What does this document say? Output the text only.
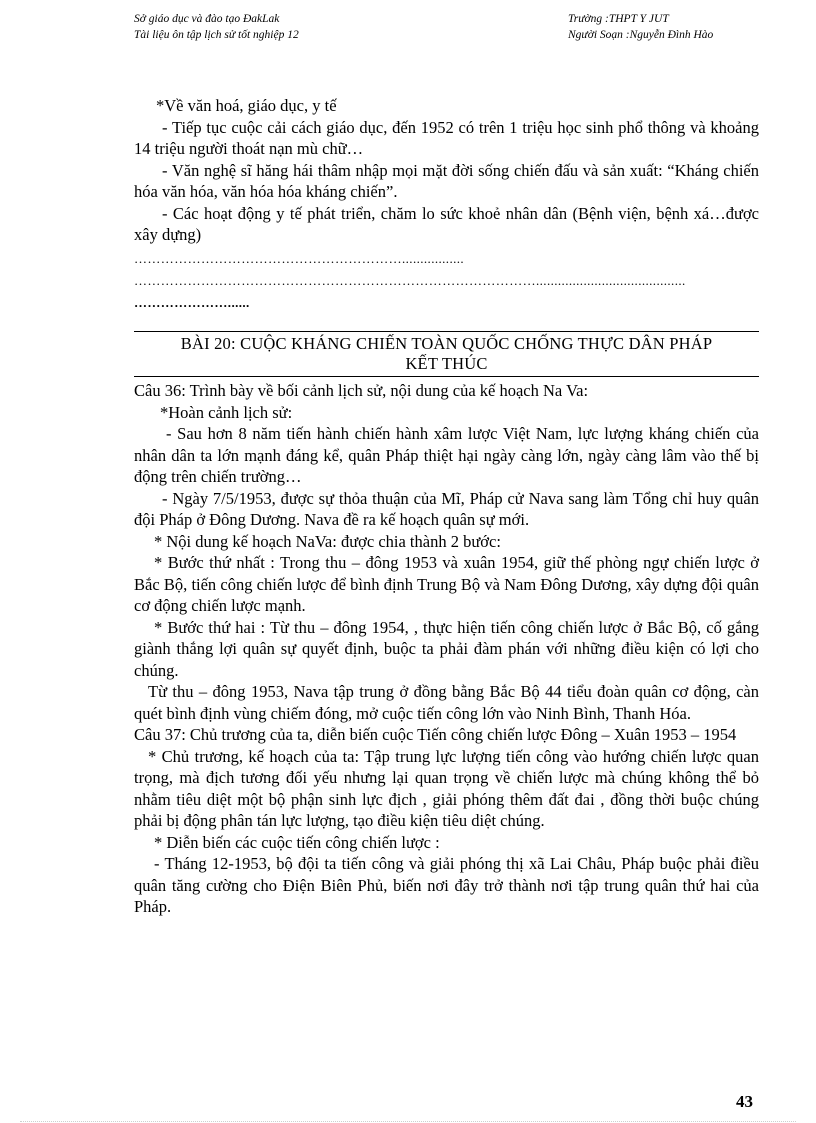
Sở giáo dục và đào tạo ĐakLak
Tài liệu ôn tập lịch sử tốt nghiệp 12
Trường :THPT Y JUT
Người Soạn :Nguyễn Đình Hào

*Về văn hoá, giáo dục, y tế

- Tiếp tục cuộc cải cách giáo dục, đến 1952 có trên 1 triệu học sinh phổ thông và khoảng 14 triệu người thoát nạn mù chữ…

- Văn nghệ sĩ hăng hái thâm nhập mọi mặt đời sống chiến đấu và sản xuất: “Kháng chiến hóa văn hóa, văn hóa hóa kháng chiến”.

- Các hoạt động y tế phát triển, chăm lo sức khoẻ nhân dân (Bệnh viện, bệnh xá…được xây dựng)

…………………………………………………….................
……………………………………………………………………………….........................................
…………………......
BÀI 20: CUỘC KHÁNG CHIẾN TOÀN QUỐC CHỐNG THỰC DÂN PHÁP
KẾT THÚC

Câu 36: Trình bày về bối cảnh lịch sử, nội dung của kế hoạch Na Va:

*Hoàn cảnh lịch sử:

- Sau hơn 8 năm tiến hành chiến hành xâm lược Việt Nam, lực lượng kháng chiến của nhân dân ta lớn mạnh đáng kể, quân Pháp thiệt hại ngày càng lớn, ngày càng lâm vào thế bị động trên chiến trường…

- Ngày 7/5/1953, được sự thỏa thuận của Mĩ, Pháp cử Nava sang làm Tổng chỉ huy quân đội Pháp ở Đông Dương. Nava đề ra kế hoạch quân sự mới.

* Nội dung kế hoạch NaVa: được chia thành 2 bước:

* Bước thứ nhất : Trong thu – đông 1953 và xuân 1954, giữ thế phòng ngự chiến lược ở Bắc Bộ, tiến công chiến lược để bình định Trung Bộ và Nam Đông Dương, xây dựng đội quân cơ động chiến lược mạnh.

* Bước thứ hai : Từ thu – đông 1954, , thực hiện tiến công chiến lược ở Bắc Bộ, cố gắng giành thắng lợi quân sự quyết định, buộc ta phải đàm phán với những điều kiện có lợi cho chúng.

Từ thu – đông 1953, Nava tập trung ở đồng bằng Bắc Bộ 44 tiểu đoàn quân cơ động, càn quét bình định vùng chiếm đóng, mở cuộc tiến công lớn vào Ninh Bình, Thanh Hóa.

Câu 37: Chủ trương của ta, diễn biến cuộc Tiến công chiến lược Đông – Xuân 1953 – 1954

* Chủ trương, kế hoạch của ta: Tập trung lực lượng tiến công vào hướng chiến lược quan trọng, mà địch tương đối yếu nhưng lại quan trọng về chiến lược mà chúng không thể bỏ nhằm tiêu diệt một bộ phận sinh lực địch , giải phóng thêm đất đai , đồng thời buộc chúng phải bị động phân tán lực lượng, tạo điều kiện tiêu diệt chúng.

* Diễn biến các cuộc tiến công chiến lược :

- Tháng 12-1953, bộ đội ta tiến công và giải phóng thị xã Lai Châu, Pháp buộc phải điều quân tăng cường cho Điện Biên Phủ, biến nơi đây trở thành nơi tập trung quân thứ hai của Pháp.

43
